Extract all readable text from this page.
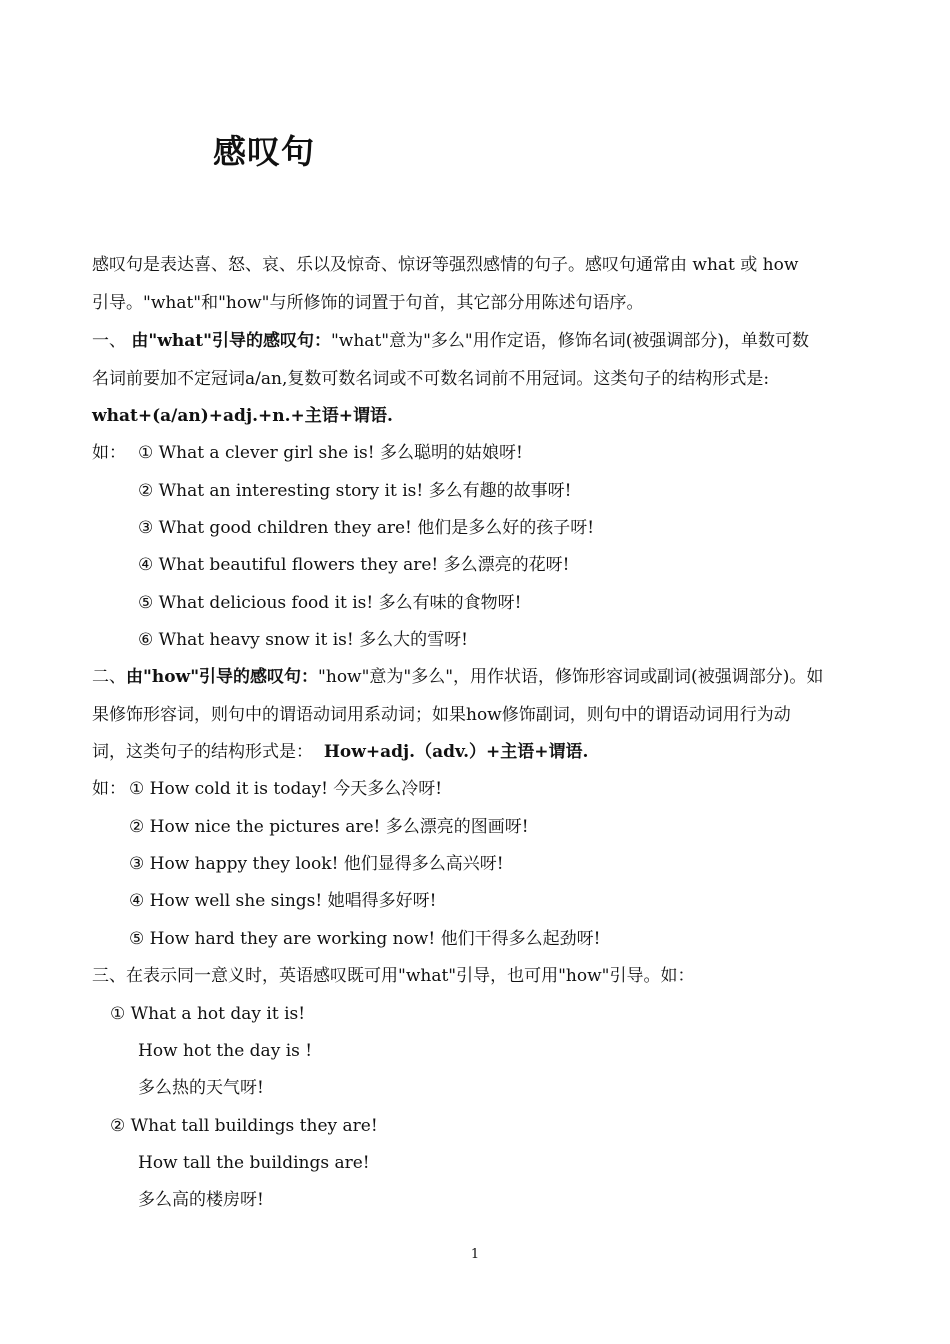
感叹句
感叹句是表达喜、怒、哀、乐以及惊奇、惊讶等强烈感情的句子。感叹句通常由 what 或 how
引导。"what"和"how"与所修饰的词置于句首，其它部分用陈述句语序。
一、 由"what"引导的感叹句："what"意为"多么"用作定语，修饰名词(被强调部分)，单数可数
名词前要加不定冠词a/an,复数可数名词或不可数名词前不用冠词。这类句子的结构形式是:
what+(a/an)+adj.+n.+主语+谓语.
如： ① What a clever girl she is! 多么聪明的姑娘呀!
② What an interesting story it is! 多么有趣的故事呀!
③ What good children they are! 他们是多么好的孩子呀!
④ What beautiful flowers they are! 多么漂亮的花呀!
⑤ What delicious food it is! 多么有味的食物呀!
⑥ What heavy snow it is! 多么大的雪呀!
二、由"how"引导的感叹句："how"意为"多么"，用作状语，修饰形容词或副词(被强调部分)。如
果修饰形容词，则句中的谓语动词用系动词；如果how修饰副词，则句中的谓语动词用行为动
词，这类句子的结构形式是： How+adj.（adv.）+主语+谓语.
如： ① How cold it is today! 今天多么冷呀!
② How nice the pictures are! 多么漂亮的图画呀!
③ How happy they look! 他们显得多么高兴呀!
④ How well she sings! 她唱得多好呀!
⑤ How hard they are working now! 他们干得多么起劲呀!
三、在表示同一意义时，英语感叹既可用"what"引导，也可用"how"引导。如：
① What a hot day it is!
How hot the day is !
多么热的天气呀!
② What tall buildings they are!
How tall the buildings are!
多么高的楼房呀!
1
